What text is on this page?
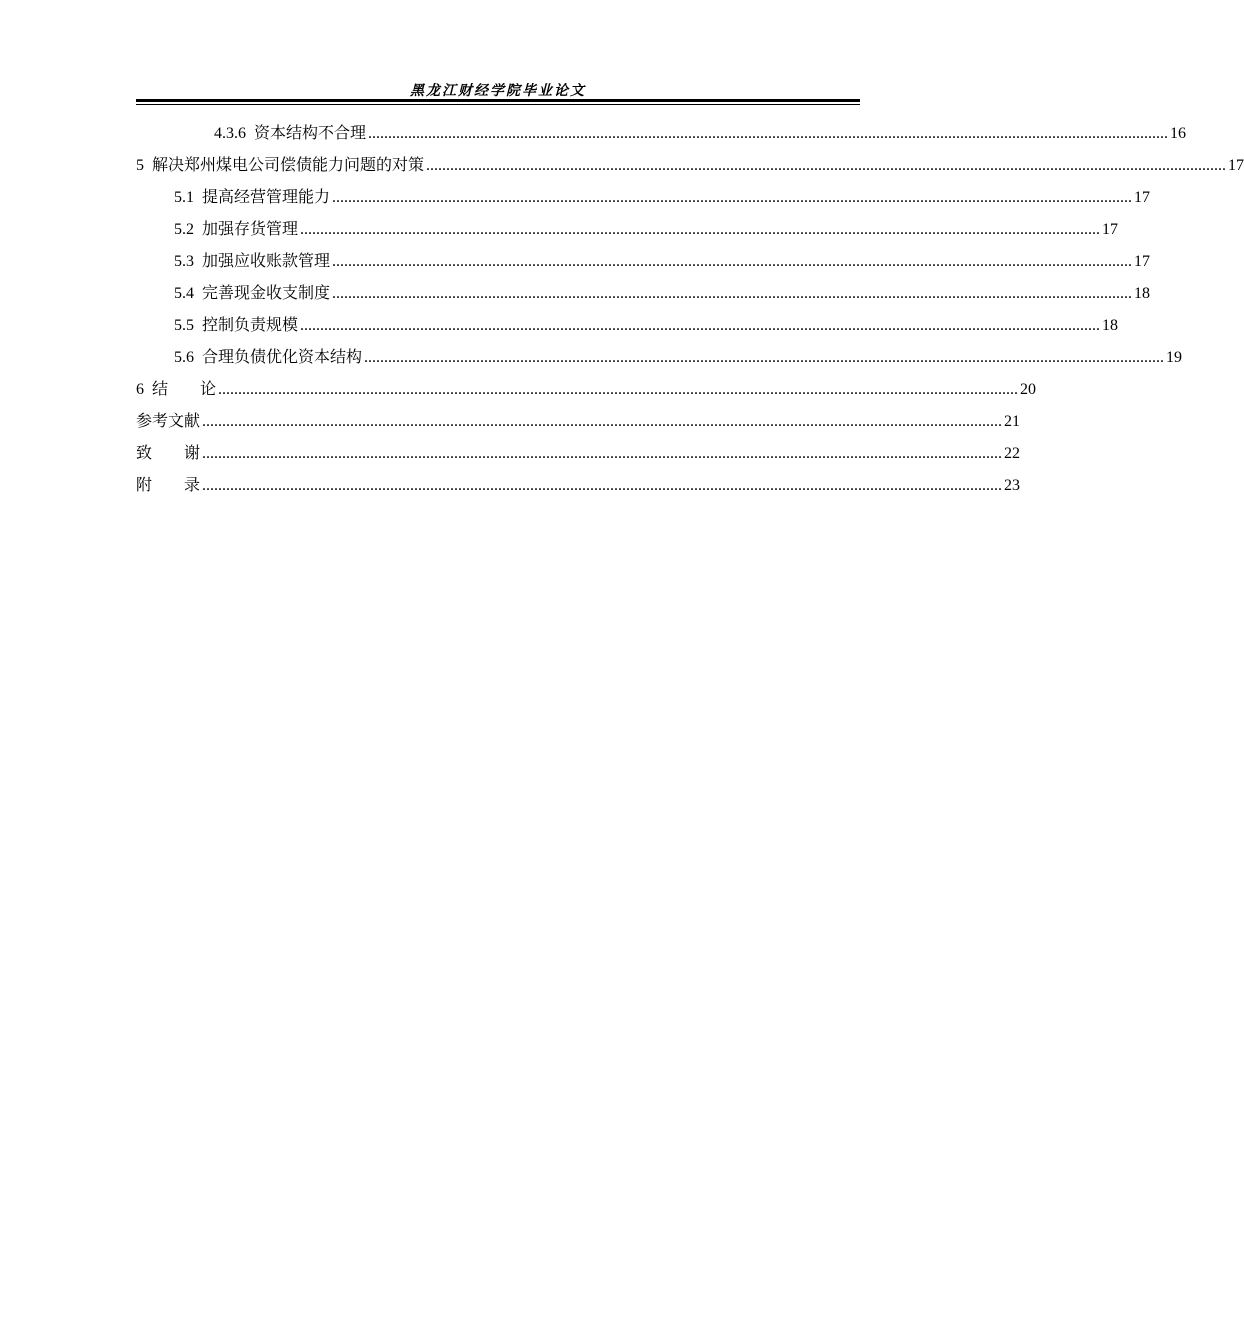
黑龙江财经学院毕业论文
4.3.6 资本结构不合理 ........................................................................................................................................................................................................ 16
5 解决郑州煤电公司偿债能力问题的对策 ........................................................................................................................................................................................................ 17
5.1 提高经营管理能力 ........................................................................................................................................................................................................ 17
5.2 加强存货管理 ........................................................................................................................................................................................................ 17
5.3 加强应收账款管理 ........................................................................................................................................................................................................ 17
5.4 完善现金收支制度 ........................................................................................................................................................................................................ 18
5.5 控制负责规模 ........................................................................................................................................................................................................ 18
5.6 合理负债优化资本结构 ........................................................................................................................................................................................................ 19
6 结　　论 ........................................................................................................................................................................................................ 20
参考文献 ........................................................................................................................................................................................................ 21
致　　谢 ........................................................................................................................................................................................................ 22
附　　录 ........................................................................................................................................................................................................ 23
